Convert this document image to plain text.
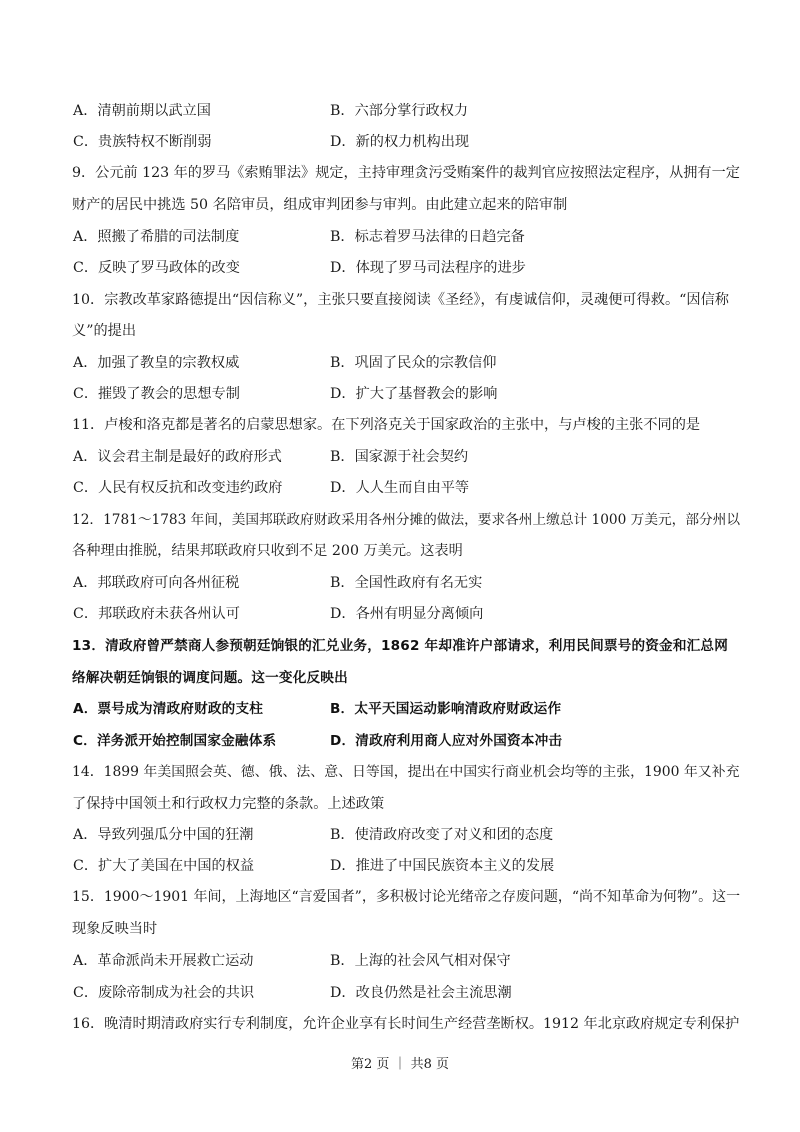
A．清朝前期以武立国	B．六部分掌行政权力
C．贵族特权不断削弱	D．新的权力机构出现
9．公元前 123 年的罗马《索贿罪法》规定，主持审理贪污受贿案件的裁判官应按照法定程序，从拥有一定
财产的居民中挑选 50 名陪审员，组成审判团参与审判。由此建立起来的陪审制
A．照搬了希腊的司法制度	B．标志着罗马法律的日趋完备
C．反映了罗马政体的改变	D．体现了罗马司法程序的进步
10．宗教改革家路德提出“因信称义”，主张只要直接阅读《圣经》，有虔诚信仰，灵魂便可得救。“因信称
义”的提出
A．加强了教皇的宗教权威	B．巩固了民众的宗教信仰
C．摧毁了教会的思想专制	D．扩大了基督教会的影响
11．卢梭和洛克都是著名的启蒙思想家。在下列洛克关于国家政治的主张中，与卢梭的主张不同的是
A．议会君主制是最好的政府形式	B．国家源于社会契约
C．人民有权反抗和改变违约政府	D．人人生而自由平等
12．1781～1783 年间，美国邦联政府财政采用各州分摊的做法，要求各州上缴总计 1000 万美元，部分州以
各种理由推脱，结果邦联政府只收到不足 200 万美元。这表明
A．邦联政府可向各州征税	B．全国性政府有名无实
C．邦联政府未获各州认可	D．各州有明显分离倾向
13．清政府曾严禁商人参预朝廷饷银的汇兑业务，1862 年却准许户部请求，利用民间票号的资金和汇总网
络解决朝廷饷银的调度问题。这一变化反映出
A．票号成为清政府财政的支柱	B．太平天国运动影响清政府财政运作
C．洋务派开始控制国家金融体系	D．清政府利用商人应对外国资本冲击
14．1899 年美国照会英、德、俄、法、意、日等国，提出在中国实行商业机会均等的主张，1900 年又补充
了保持中国领土和行政权力完整的条款。上述政策
A．导致列强瓜分中国的狂潮	B．使清政府改变了对义和团的态度
C．扩大了美国在中国的权益	D．推进了中国民族资本主义的发展
15．1900～1901 年间，上海地区“言爱国者”，多积极讨论光绪帝之存废问题，“尚不知革命为何物”。这一
现象反映当时
A．革命派尚未开展救亡运动	B．上海的社会风气相对保守
C．废除帝制成为社会的共识	D．改良仍然是社会主流思潮
16．晚清时期清政府实行专利制度，允许企业享有长时间生产经营垄断权。1912 年北京政府规定专利保护
第2 页 ｜ 共8 页
